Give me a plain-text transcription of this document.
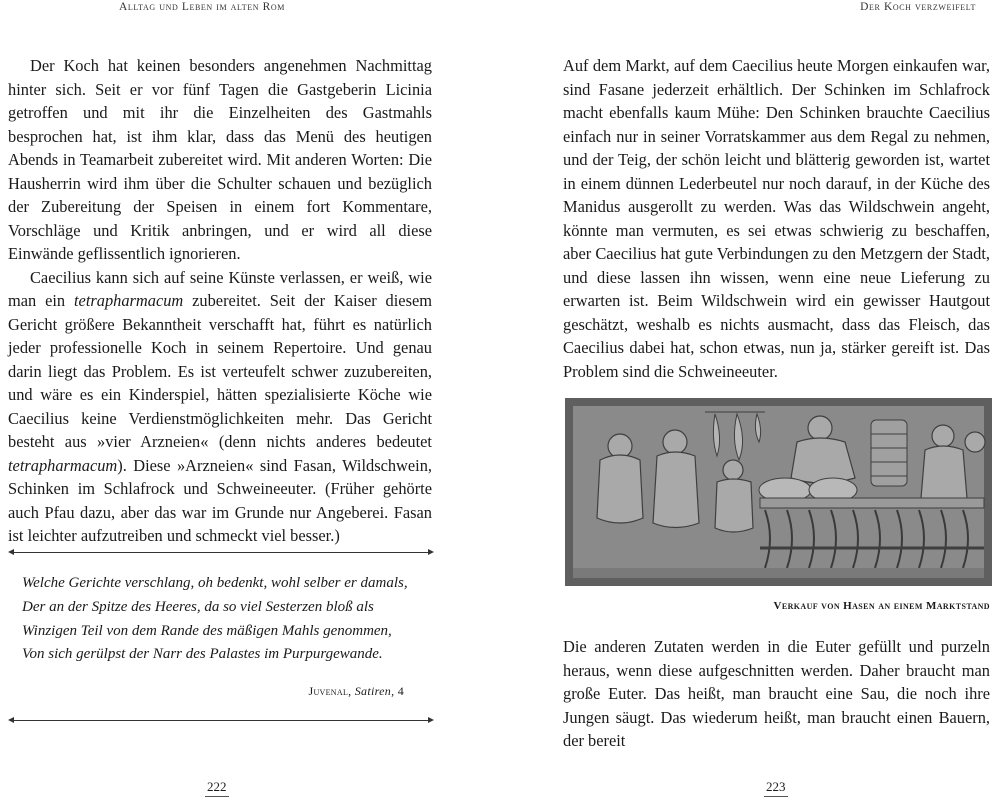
Alltag und Leben im alten Rom

Der Koch hat keinen besonders angenehmen Nachmittag hinter sich. Seit er vor fünf Tagen die Gastgeberin Licinia getroffen und mit ihr die Einzelheiten des Gastmahls besprochen hat, ist ihm klar, dass das Menü des heutigen Abends in Teamarbeit zubereitet wird. Mit anderen Worten: Die Hausherrin wird ihm über die Schulter schauen und bezüglich der Zubereitung der Speisen in einem fort Kommentare, Vorschläge und Kritik anbringen, und er wird all diese Einwände geflissentlich ignorieren.

Caecilius kann sich auf seine Künste verlassen, er weiß, wie man ein tetrapharmacum zubereitet. Seit der Kaiser diesem Gericht größere Bekanntheit verschafft hat, führt es natürlich jeder professionelle Koch in seinem Repertoire. Und genau darin liegt das Problem. Es ist verteufelt schwer zuzubereiten, und wäre es ein Kinderspiel, hätten spezialisierte Köche wie Caecilius keine Verdienstmöglichkeiten mehr. Das Gericht besteht aus »vier Arzneien« (denn nichts anderes bedeutet tetrapharmacum). Diese »Arzneien« sind Fasan, Wildschwein, Schinken im Schlafrock und Schweineeuter. (Früher gehörte auch Pfau dazu, aber das war im Grunde nur Angeberei. Fasan ist leichter aufzutreiben und schmeckt viel besser.)

Welche Gerichte verschlang, oh bedenkt, wohl selber er damals,
Der an der Spitze des Heeres, da so viel Sesterzen bloß als
Winzigen Teil von dem Rande des mäßigen Mahls genommen,
Von sich gerülpst der Narr des Palastes im Purpurgewande.
Juvenal, Satiren, 4
222
Der Koch verzweifelt

Auf dem Markt, auf dem Caecilius heute Morgen einkaufen war, sind Fasane jederzeit erhältlich. Der Schinken im Schlafrock macht ebenfalls kaum Mühe: Den Schinken brauchte Caecilius einfach nur in seiner Vorratskammer aus dem Regal zu nehmen, und der Teig, der schön leicht und blätterig geworden ist, wartet in einem dünnen Lederbeutel nur noch darauf, in der Küche des Manidus ausgerollt zu werden. Was das Wildschwein angeht, könnte man vermuten, es sei etwas schwierig zu beschaffen, aber Caecilius hat gute Verbindungen zu den Metzgern der Stadt, und diese lassen ihn wissen, wenn eine neue Lieferung zu erwarten ist. Beim Wildschwein wird ein gewisser Hautgout geschätzt, weshalb es nichts ausmacht, dass das Fleisch, das Caecilius dabei hat, schon etwas, nun ja, stärker gereift ist. Das Problem sind die Schweineeuter.

Verkauf von Hasen an einem Marktstand

Die anderen Zutaten werden in die Euter gefüllt und purzeln heraus, wenn diese aufgeschnitten werden. Daher braucht man große Euter. Das heißt, man braucht eine Sau, die noch ihre Jungen säugt. Das wiederum heißt, man braucht einen Bauern, der bereit

223
